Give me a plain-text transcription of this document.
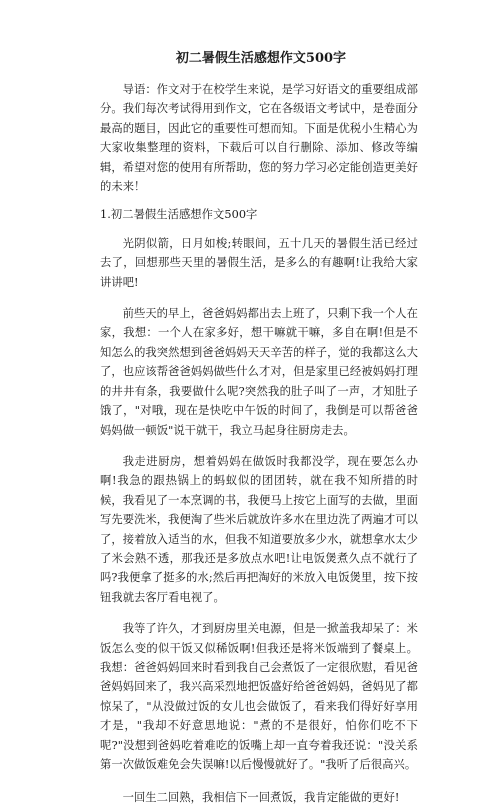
初二暑假生活感想作文500字

导语：作文对于在校学生来说，是学习好语文的重要组成部分。我们每次考试得用到作文，它在各级语文考试中，是卷面分最高的题目，因此它的重要性可想而知。下面是优税小生精心为大家收集整理的资料，下载后可以自行删除、添加、修改等编辑，希望对您的使用有所帮助，您的努力学习必定能创造更美好的未来！

1.初二暑假生活感想作文500字

光阴似箭，日月如梭;转眼间，五十几天的暑假生活已经过去了，回想那些天里的暑假生活，是多么的有趣啊!让我给大家讲讲吧!

前些天的早上，爸爸妈妈都出去上班了，只剩下我一个人在家，我想：一个人在家多好，想干嘛就干嘛，多自在啊!但是不知怎么的我突然想到爸爸妈妈天天辛苦的样子，觉的我都这么大了，也应该帮爸爸妈妈做些什么才对，但是家里已经被妈妈打理的井井有条，我要做什么呢?突然我的肚子叫了一声，才知肚子饿了，"对哦，现在是快吃中午饭的时间了，我倒是可以帮爸爸妈妈做一顿饭"说干就干，我立马起身往厨房走去。

我走进厨房，想着妈妈在做饭时我都没学，现在要怎么办啊!我急的跟热锅上的蚂蚁似的团团转，就在我不知所措的时候，我看见了一本烹调的书，我便马上按它上面写的去做，里面写先要洗米，我便淘了些米后就放许多水在里边洗了两遍才可以了，接着放入适当的水，但我不知道要放多少水，就想拿水太少了米会熟不透，那我还是多放点水吧!让电饭煲煮久点不就行了吗?我便拿了挺多的水;然后再把淘好的米放入电饭煲里，按下按钮我就去客厅看电视了。

我等了许久，才到厨房里关电源，但是一掀盖我却呆了：米饭怎么变的似干饭又似稀饭啊!但我还是将米饭端到了餐桌上。我想：爸爸妈妈回来时看到我自己会煮饭了一定很欣慰，看见爸爸妈妈回来了，我兴高采烈地把饭盛好给爸爸妈妈，爸妈见了都惊呆了，"从没做过饭的女儿也会做饭了，看来我们得好好享用才是，"我却不好意思地说："煮的不是很好，怕你们吃不下呢?"没想到爸妈吃着难吃的饭嘴上却一直夸着我还说："没关系第一次做饭难免会失误嘛!以后慢慢就好了。"我听了后很高兴。

一回生二回熟，我相信下一回煮饭，我肯定能做的更好!
